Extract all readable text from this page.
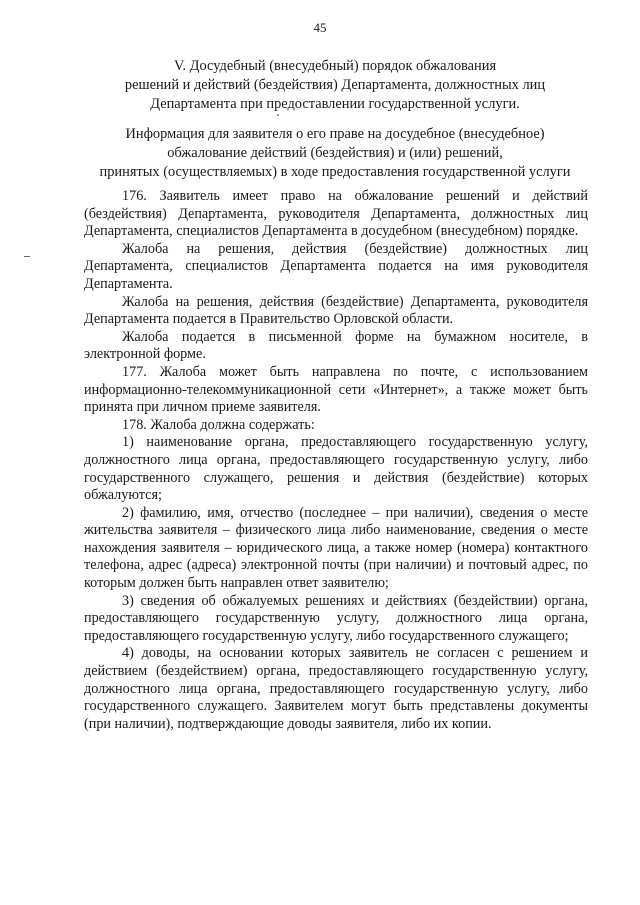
45
V. Досудебный (внесудебный) порядок обжалования
решений и действий (бездействия) Департамента, должностных лиц
Департамента при предоставлении государственной услуги.
Информация для заявителя о его праве на досудебное (внесудебное)
обжалование действий (бездействия) и (или) решений,
принятых (осуществляемых) в ходе предоставления государственной услуги

176. Заявитель имеет право на обжалование решений и действий (бездействия) Департамента, руководителя Департамента, должностных лиц Департамента, специалистов Департамента в досудебном (внесудебном) порядке.

Жалоба на решения, действия (бездействие) должностных лиц Департамента, специалистов Департамента подается на имя руководителя Департамента.

Жалоба на решения, действия (бездействие) Департамента, руководителя Департамента подается в Правительство Орловской области.

Жалоба подается в письменной форме на бумажном носителе, в электронной форме.

177. Жалоба может быть направлена по почте, с использованием информационно-телекоммуникационной сети «Интернет», а также может быть принята при личном приеме заявителя.

178. Жалоба должна содержать:

1) наименование органа, предоставляющего государственную услугу, должностного лица органа, предоставляющего государственную услугу, либо государственного служащего, решения и действия (бездействие) которых обжалуются;

2) фамилию, имя, отчество (последнее – при наличии), сведения о месте жительства заявителя – физического лица либо наименование, сведения о месте нахождения заявителя – юридического лица, а также номер (номера) контактного телефона, адрес (адреса) электронной почты (при наличии) и почтовый адрес, по которым должен быть направлен ответ заявителю;

3) сведения об обжалуемых решениях и действиях (бездействии) органа, предоставляющего государственную услугу, должностного лица органа, предоставляющего государственную услугу, либо государственного служащего;

4) доводы, на основании которых заявитель не согласен с решением и действием (бездействием) органа, предоставляющего государственную услугу, должностного лица органа, предоставляющего государственную услугу, либо государственного служащего. Заявителем могут быть представлены документы (при наличии), подтверждающие доводы заявителя, либо их копии.
